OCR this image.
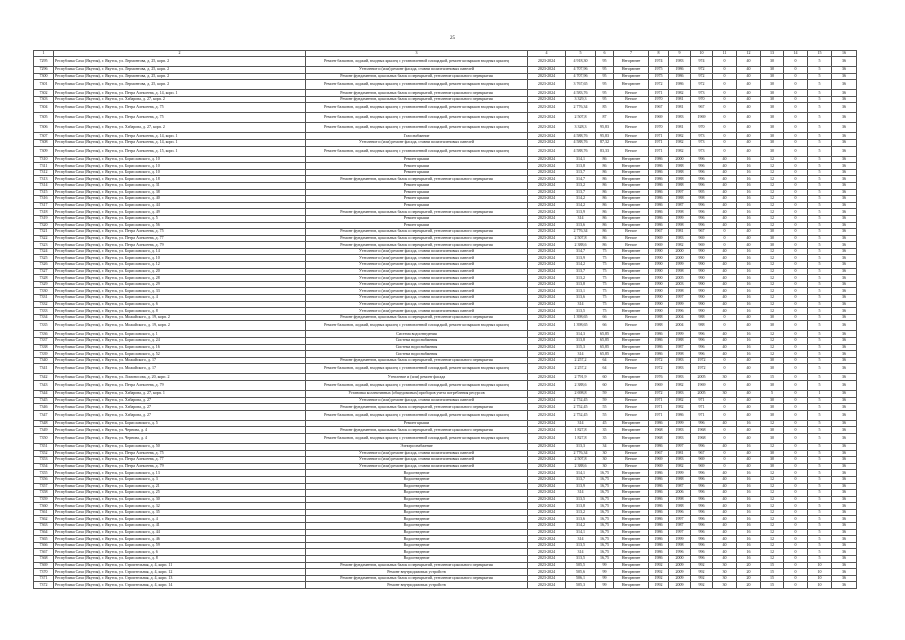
25
1	2	3	4	5	6	7	8	9	10	11	12	13	14	15	16
7295	Республика Саха (Якутия), г. Якутск, ул. Лермонтова, д. 25, корп. 2	Ремонт балконов, лоджий, входных крылец с установленной площадкой, ремонт козырьков входных крылец	2023-2024	4 918,30	95	Негорючее	1974	1983	974	0	40	30	0	5	36
7296	Республика Саха (Якутия), г. Якутск, ул. Лермонтова, д. 25, корп. 2	Утепление и (или) ремонт фасада, ставни полиэтиленовых панелей	2023-2024	4 707,96	95	Негорючее	1975	1986	972	0	40	30	0	5	36
7300	Республика Саха (Якутия), г. Якутск, ул. Лермонтова, д. 25, корп. 2	Ремонт фундаментов, цокольных балок и перекрытий, утепление цокольного перекрытия	2023-2024	4 707,96	95	Негорючее	1975	1986	972	0	40	30	0	5	36
7301	Республика Саха (Якутия), г. Якутск, ул. Лермонтова, д. 25, корп. 2	Ремонт балконов, лоджий, входных крылец с установленной площадкой, ремонт козырьков входных крылец	2023-2024	3 767,65	95	Негорючее	1972	1986	972	0	40	30	0	5	36
7302	Республика Саха (Якутия), г. Якутск, ул. Петра Алексеева, д. 14, корп. 1	Ремонт фундаментов, цокольных балок и перекрытий, утепление цокольного перекрытия	2023-2024	4 583,76	95	Ветхое	1971	1982	973	0	40	30	0	5	36
7303	Республика Саха (Якутия), г. Якутск, ул. Хабарова, д. 27, корп. 2	Ремонт фундаментов, цокольных балок и перекрытий, утепление цокольного перекрытия	2023-2024	3 329,3	95	Ветхое	1970	1981	970	0	40	30	0	5	36
7304	Республика Саха (Якутия), г. Якутск, ул. Петра Алексеева, д. 75	Ремонт балконов, лоджий, входных крылец с установленной площадкой, ремонт козырьков входных крылец	2023-2024	2 776,34	85	Ветхое	1967	1981	967	0	40	30	0	5	36
7305	Республика Саха (Якутия), г. Якутск, ул. Петра Алексеева, д. 75	Ремонт балконов, лоджий, входных крылец с установленной площадкой, ремонт козырьков входных крылец	2023-2024	2 507,8	87	Ветхое	1969	1983	1969	0	40	30	0	5	36
7306	Республика Саха (Якутия), г. Якутск, ул. Хабарова, д. 27, корп. 2	Ремонт балконов, лоджий, входных крылец с установленной площадкой, ремонт козырьков входных крылец	2023-2024	3 328,3	95,83	Ветхое	1970	1981	970	0	40	30	0	5	36
7307	Республика Саха (Якутия), г. Якутск, ул. Петра Алексеева, д. 14, корп. 1	Газоснабжение	2023-2024	4 588,76	95,83	Ветхое	1971	1982	973	0	40	30	0	5	36
7308	Республика Саха (Якутия), г. Якутск, ул. Петра Алексеева, д. 14, корп. 1	Утепление и (или) ремонт фасада, ставни полиэтиленовых панелей	2023-2024	4 588,76	87,32	Ветхое	1971	1982	973	0	40	30	0	5	36
7309	Республика Саха (Якутия), г. Якутск, ул. Петра Алексеева, д. 15, корп. 1	Ремонт балконов, лоджий, входных крылец с установленной площадкой, ремонт козырьков входных крылец	2023-2024	4 588,76	83,33	Ветхое	1971	1982	973	0	40	30	0	5	36
7310	Республика Саха (Якутия), г. Якутск, ул. Бориславского, д. 10	Ремонт крыши	2023-2024	314,1	86	Негорючее	1986	2000	996	40	16	12	0	5	36
7311	Республика Саха (Якутия), г. Якутск, ул. Бориславского, д. 10	Ремонт крыши	2023-2024	313,8	86	Негорючее	1986	1988	996	40	16	12	0	5	36
7312	Республика Саха (Якутия), г. Якутск, ул. Бориславского, д. 10	Ремонт крыши	2023-2024	313,7	86	Негорючее	1986	1988	996	40	16	12	0	5	36
7313	Республика Саха (Якутия), г. Якутск, ул. Бориславского, д. 18	Ремонт фундаментов, цокольных балок и перекрытий, утепление цокольного перекрытия	2023-2024	314,7	86	Негорючее	1986	1988	996	40	16	12	0	5	36
7314	Республика Саха (Якутия), г. Якутск, ул. Бориславского, д. 31	Ремонт крыши	2023-2024	313,2	86	Негорючее	1986	1988	996	40	16	12	0	5	36
7315	Республика Саха (Якутия), г. Якутск, ул. Бориславского, д. 38	Ремонт крыши	2023-2024	313,7	86	Негорючее	1986	1997	995	40	16	12	0	5	36
7316	Республика Саха (Якутия), г. Якутск, ул. Бориславского, д. 40	Ремонт крыши	2023-2024	314,2	86	Негорючее	1986	1988	998	40	16	12	0	5	36
7317	Республика Саха (Якутия), г. Якутск, ул. Бориславского, д. 44	Ремонт крыши	2023-2024	314,2	86	Негорючее	1986	1987	996	40	16	12	0	5	36
7318	Республика Саха (Якутия), г. Якутск, ул. Бориславского, д. 49	Ремонт фундаментов, цокольных балок и перекрытий, утепление цокольного перекрытия	2023-2024	313,9	86	Негорючее	1986	1998	996	40	16	12	0	5	36
7319	Республика Саха (Якутия), г. Якутск, ул. Бориславского, д. 5	Ремонт крыши	2023-2024	314	86	Негорючее	1986	1999	996	40	16	12	0	5	36
7320	Республика Саха (Якутия), г. Якутск, ул. Бориславского, д. 56	Ремонт крыши	2023-2024	313,6	86	Негорючее	1986	1998	996	40	16	12	0	5	36
7321	Республика Саха (Якутия), г. Якутск, ул. Петра Алексеева, д. 75	Ремонт фундаментов, цокольных балок и перекрытий, утепление цокольного перекрытия	2023-2024	2 776,34	86	Ветхое	1967	1981	967	0	40	30	0	5	36
7322	Республика Саха (Якутия), г. Якутск, ул. Петра Алексеева, д. 77	Ремонт фундаментов, цокольных балок и перекрытий, утепление цокольного перекрытия	2023-2024	2 507,8	86	Ветхое	1969	1983	969	0	40	30	0	5	36
7323	Республика Саха (Якутия), г. Якутск, ул. Петра Алексеева, д. 79	Ремонт фундаментов, цокольных балок и перекрытий, утепление цокольного перекрытия	2023-2024	2 388,6	86	Ветхое	1969	1982	969	0	40	30	0	5	36
7324	Республика Саха (Якутия), г. Якутск, ул. Бориславского, д. 14	Утепление и (или) ремонт фасада, ставни полиэтиленовых панелей	2023-2024	314,7	75	Негорючее	1990	2000	990	40	16	12	0	5	36
7325	Республика Саха (Якутия), г. Якутск, ул. Бориславского, д. 10	Утепление и (или) ремонт фасада, ставни полиэтиленовых панелей	2023-2024	313,9	75	Негорючее	1990	2000	990	40	16	12	0	5	36
7326	Республика Саха (Якутия), г. Якутск, ул. Бориславского, д. 12	Утепление и (или) ремонт фасада, ставни полиэтиленовых панелей	2023-2024	314,2	75	Негорючее	1990	1999	990	40	16	12	0	5	36
7327	Республика Саха (Якутия), г. Якутск, ул. Бориславского, д. 20	Утепление и (или) ремонт фасада, ставни полиэтиленовых панелей	2023-2024	313,7	75	Негорючее	1990	1998	990	40	16	12	0	5	36
7328	Республика Саха (Якутия), г. Якутск, ул. Бориславского, д. 28	Утепление и (или) ремонт фасада, ставни полиэтиленовых панелей	2023-2024	313,2	75	Негорючее	1990	2005	990	40	16	12	0	5	36
7329	Республика Саха (Якутия), г. Якутск, ул. Бориславского, д. 29	Утепление и (или) ремонт фасада, ставни полиэтиленовых панелей	2023-2024	313,8	75	Негорючее	1990	2003	990	40	16	12	0	5	36
7330	Республика Саха (Якутия), г. Якутск, ул. Бориславского, д. 33	Утепление и (или) ремонт фасада, ставни полиэтиленовых панелей	2023-2024	313,1	75	Негорючее	1990	1998	990	40	16	12	0	5	36
7331	Республика Саха (Якутия), г. Якутск, ул. Бориславского, д. 4	Утепление и (или) ремонт фасада, ставни полиэтиленовых панелей	2023-2024	313,6	75	Негорючее	1990	1997	990	40	16	12	0	5	36
7332	Республика Саха (Якутия), г. Якутск, ул. Бориславского, д. 6	Утепление и (или) ремонт фасада, ставни полиэтиленовых панелей	2023-2024	314	75	Негорючее	1990	1999	990	40	16	12	0	5	36
7333	Республика Саха (Якутия), г. Якутск, ул. Бориславского, д. 8	Утепление и (или) ремонт фасада, ставни полиэтиленовых панелей	2023-2024	313,5	75	Негорючее	1990	1996	990	40	16	12	0	5	36
7334	Республика Саха (Якутия), г. Якутск, ул. Можайского, д. 19, корп. 2	Ремонт фундаментов, цокольных балок и перекрытий, утепление цокольного перекрытия	2023-2024	1 398,65	66	Ветхое	1988	2004	988	0	40	30	0	5	36
7335	Республика Саха (Якутия), г. Якутск, ул. Можайского, д. 19, корп. 2	Ремонт балконов, лоджий, входных крылец с установленной площадкой, ремонт козырьков входных крылец	2023-2024	1 398,65	66	Ветхое	1988	2004	988	0	40	30	0	5	36
7336	Республика Саха (Якутия), г. Якутск, ул. Бориславского, д. 1	Система водоотведения	2023-2024	314,3	65,85	Негорючее	1986	1999	996	40	16	12	0	5	36
7337	Республика Саха (Якутия), г. Якутск, ул. Бориславского, д. 24	Система водоснабжения	2023-2024	313,8	65,85	Негорючее	1986	1988	996	40	16	12	0	5	36
7338	Республика Саха (Якутия), г. Якутск, ул. Бориславского, д. 16	Система водоснабжения	2023-2024	315,3	65,85	Негорючее	1986	1987	996	40	16	12	0	5	36
7339	Республика Саха (Якутия), г. Якутск, ул. Бориславского, д. 52	Система водоснабжения	2023-2024	314	65,85	Негорючее	1986	1998	996	40	16	12	0	5	36
7340	Республика Саха (Якутия), г. Якутск, ул. Можайского, д. 17	Ремонт фундаментов, цокольных балок и перекрытий, утепление цокольного перекрытия	2023-2024	2 257,2	64	Ветхое	1972	1983	1972	0	40	30	0	5	36
7341	Республика Саха (Якутия), г. Якутск, ул. Можайского, д. 17	Ремонт балконов, лоджий, входных крылец с установленной площадкой, ремонт козырьков входных крылец	2023-2024	2 257,2	64	Ветхое	1972	1983	1972	0	40	30	0	5	36
7342	Республика Саха (Якутия), г. Якутск, ул. Ломоносова, д. 20, корп. 2	Утепление и (или) ремонт фасада	2023-2024	2 791,9	60	Негорючее	1976	1983	2005	30	40	15	0	5	36
7343	Республика Саха (Якутия), г. Якутск, ул. Петра Алексеева, д. 79	Ремонт балконов, лоджий, входных крылец с установленной площадкой, ремонт козырьков входных крылец	2023-2024	2 388,6	60	Ветхое	1969	1982	1969	0	40	30	0	5	36
7344	Республика Саха (Якутия), г. Якутск, ул. Хабарова, д. 27, корп. 1	Установка коллективных (общедомовых) приборов учета потребления ресурсов	2023-2024	2 698,8	59	Ветхое	1972	1983	2005	30	40	5	0	1	36
7345	Республика Саха (Якутия), г. Якутск, ул. Хабарова, д. 27	Утепление и (или) ремонт фасада, ставни полиэтиленовых панелей	2023-2024	2 752,45	59	Ветхое	1971	1982	971	0	40	30	0	5	36
7346	Республика Саха (Якутия), г. Якутск, ул. Хабарова, д. 27	Ремонт фундаментов, цокольных балок и перекрытий, утепление цокольного перекрытия	2023-2024	2 752,45	55	Ветхое	1971	1982	971	0	40	30	0	5	36
7347	Республика Саха (Якутия), г. Якутск, ул. Хабарова, д. 27	Ремонт балконов, лоджий, входных крылец с установленной площадкой, ремонт козырьков входных крылец	2023-2024	2 752,45	55	Ветхое	1971	1986	971	0	40	30	0	5	36
7348	Республика Саха (Якутия), г. Якутск, ул. Бориславского, д. 5	Ремонт крыши	2023-2024	314	45	Негорючее	1986	1999	996	40	16	12	0	5	36
7349	Республика Саха (Якутия), г. Якутск, ул. Чернова, д. 4	Ремонт фундаментов, цокольных балок и перекрытий, утепление цокольного перекрытия	2023-2024	1 827,8	35	Негорючее	1968	1983	1968	0	40	30	0	5	36
7350	Республика Саха (Якутия), г. Якутск, ул. Чернова, д. 4	Ремонт балконов, лоджий, входных крылец с установленной площадкой, ремонт козырьков входных крылец	2023-2024	1 827,8	35	Негорючее	1968	1983	1968	0	40	30	0	5	36
7351	Республика Саха (Якутия), г. Якутск, ул. Бориславского, д. 50	Электроснабжение	2023-2024	313,3	34	Негорючее	1986	1997	996	40	16	12	0	5	36
7352	Республика Саха (Якутия), г. Якутск, ул. Петра Алексеева, д. 75	Утепление и (или) ремонт фасада, ставни полиэтиленовых панелей	2023-2024	2 776,34	30	Ветхое	1967	1981	967	0	40	30	0	5	36
7353	Республика Саха (Якутия), г. Якутск, ул. Петра Алексеева, д. 77	Утепление и (или) ремонт фасада, ставни полиэтиленовых панелей	2023-2024	2 507,8	30	Ветхое	1969	1983	969	0	40	30	0	5	36
7354	Республика Саха (Якутия), г. Якутск, ул. Петра Алексеева, д. 79	Утепление и (или) ремонт фасада, ставни полиэтиленовых панелей	2023-2024	2 388,6	30	Ветхое	1969	1982	969	0	40	30	0	5	36
7355	Республика Саха (Якутия), г. Якутск, ул. Бориславского, д. 13	Водоотведение	2023-2024	314,1	16,75	Негорючее	1986	1999	996	40	16	12	0	5	36
7356	Республика Саха (Якутия), г. Якутск, ул. Бориславского, д. 3	Водоотведение	2023-2024	313,7	16,75	Негорючее	1986	1988	996	40	16	12	0	5	36
7357	Республика Саха (Якутия), г. Якутск, ул. Бориславского, д. 21	Водоотведение	2023-2024	313,9	16,75	Негорючее	1986	1987	996	40	16	12	0	5	36
7358	Республика Саха (Якутия), г. Якутск, ул. Бориславского, д. 25	Водоотведение	2023-2024	314	16,75	Негорючее	1986	2006	996	40	16	12	0	5	36
7359	Республика Саха (Якутия), г. Якутск, ул. Бориславского, д. 30	Водоотведение	2023-2024	313,5	16,75	Негорючее	1986	1998	996	40	16	12	0	5	36
7360	Республика Саха (Якутия), г. Якутск, ул. Бориславского, д. 32	Водоотведение	2023-2024	313,8	16,75	Негорючее	1986	1988	996	40	16	12	0	5	36
7361	Республика Саха (Якутия), г. Якутск, ул. Бориславского, д. 35	Водоотведение	2023-2024	313,2	16,75	Негорючее	1986	1996	996	40	16	12	0	5	36
7362	Республика Саха (Якутия), г. Якутск, ул. Бориславского, д. 4	Водоотведение	2023-2024	313,6	16,75	Негорючее	1986	1997	996	40	16	12	0	5	36
7363	Республика Саха (Якутия), г. Якутск, ул. Бориславского, д. 41	Водоотведение	2023-2024	314,2	16,75	Негорючее	1986	1987	996	40	16	12	0	5	36
7364	Республика Саха (Якутия), г. Якутск, ул. Бориславского, д. 44	Водоотведение	2023-2024	314,1	16,75	Негорючее	1986	1997	996	40	16	12	0	5	36
7365	Республика Саха (Якутия), г. Якутск, ул. Бориславского, д. 46	Водоотведение	2023-2024	314	16,75	Негорючее	1986	1999	996	40	16	12	0	5	36
7366	Республика Саха (Якутия), г. Якутск, ул. Бориславского, д. 59	Водоотведение	2023-2024	313,5	16,75	Негорючее	1986	1998	996	40	16	12	0	5	36
7367	Республика Саха (Якутия), г. Якутск, ул. Бориславского, д. 6	Водоотведение	2023-2024	314	16,75	Негорючее	1986	1996	996	40	16	12	0	5	36
7368	Республика Саха (Якутия), г. Якутск, ул. Бориславского, д. 8	Водоотведение	2023-2024	313,5	16,75	Негорючее	1986	2000	996	40	16	12	0	5	36
7369	Республика Саха (Якутия), г. Якутск, ул. Строительная, д. 4, корп. 11	Ремонт фундаментов, цокольных балок и перекрытий, утепление цокольного перекрытия	2023-2024	505,5	99	Негорючее	1992	2009	992	30	20	15	0	10	36
7370	Республика Саха (Якутия), г. Якутск, ул. Строительная, д. 4, корп. 12	Ремонт внутридомовых устройств	2023-2024	505,6	99	Негорючее	1992	2009	992	30	20	15	0	10	36
7371	Республика Саха (Якутия), г. Якутск, ул. Строительная, д. 4, корп. 13	Ремонт фундаментов, цокольных балок и перекрытий, утепление цокольного перекрытия	2023-2024	506,1	99	Негорючее	1992	2009	992	30	20	15	0	10	36
7372	Республика Саха (Якутия), г. Якутск, ул. Строительная, д. 4, корп. 14	Ремонт внутридомовых устройств	2023-2024	505,3	99	Негорючее	1992	2009	992	30	20	15	0	10	36
